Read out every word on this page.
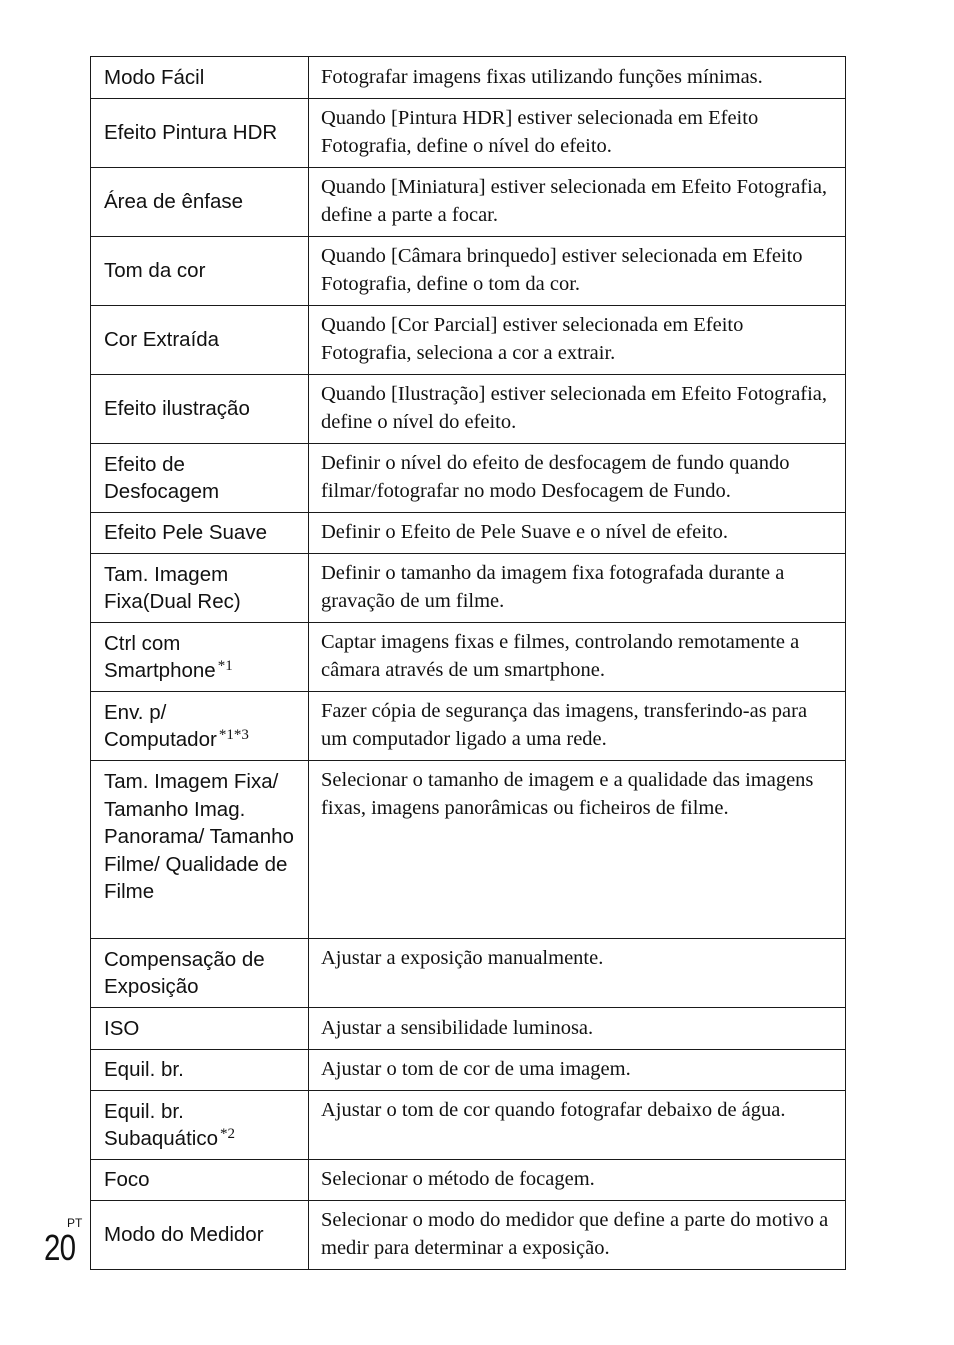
Modo Fácil	Fotografar imagens fixas utilizando funções mínimas.
Efeito Pintura HDR	Quando [Pintura HDR] estiver selecionada em Efeito Fotografia, define o nível do efeito.
Área de ênfase	Quando [Miniatura] estiver selecionada em Efeito Fotografia, define a parte a focar.
Tom da cor	Quando [Câmara brinquedo] estiver selecionada em Efeito Fotografia, define o tom da cor.
Cor Extraída	Quando [Cor Parcial] estiver selecionada em Efeito Fotografia, seleciona a cor a extrair.
Efeito ilustração	Quando [Ilustração] estiver selecionada em Efeito Fotografia, define o nível do efeito.
Efeito de Desfocagem	Definir o nível do efeito de desfocagem de fundo quando filmar/fotografar no modo Desfocagem de Fundo.
Efeito Pele Suave	Definir o Efeito de Pele Suave e o nível de efeito.
Tam. Imagem Fixa(Dual Rec)	Definir o tamanho da imagem fixa fotografada durante a gravação de um filme.
Ctrl com Smartphone $^{*1}$	Captar imagens fixas e filmes, controlando remotamente a câmara através de um smartphone.
Env. p/ Computador $^{*1*3}$	Fazer cópia de segurança das imagens, transferindo-as para um computador ligado a uma rede.
Tam. Imagem Fixa/ Tamanho Imag. Panorama/ Tamanho Filme/ Qualidade de Filme	Selecionar o tamanho de imagem e a qualidade das imagens fixas, imagens panorâmicas ou ficheiros de filme.
Compensação de Exposição	Ajustar a exposição manualmente.
ISO	Ajustar a sensibilidade luminosa.
Equil. br.	Ajustar o tom de cor de uma imagem.
Equil. br. Subaquático $^{*2}$	Ajustar o tom de cor quando fotografar debaixo de água.
Foco	Selecionar o método de focagem.
Modo do Medidor	Selecionar o modo do medidor que define a parte do motivo a medir para determinar a exposição.
PT
20
